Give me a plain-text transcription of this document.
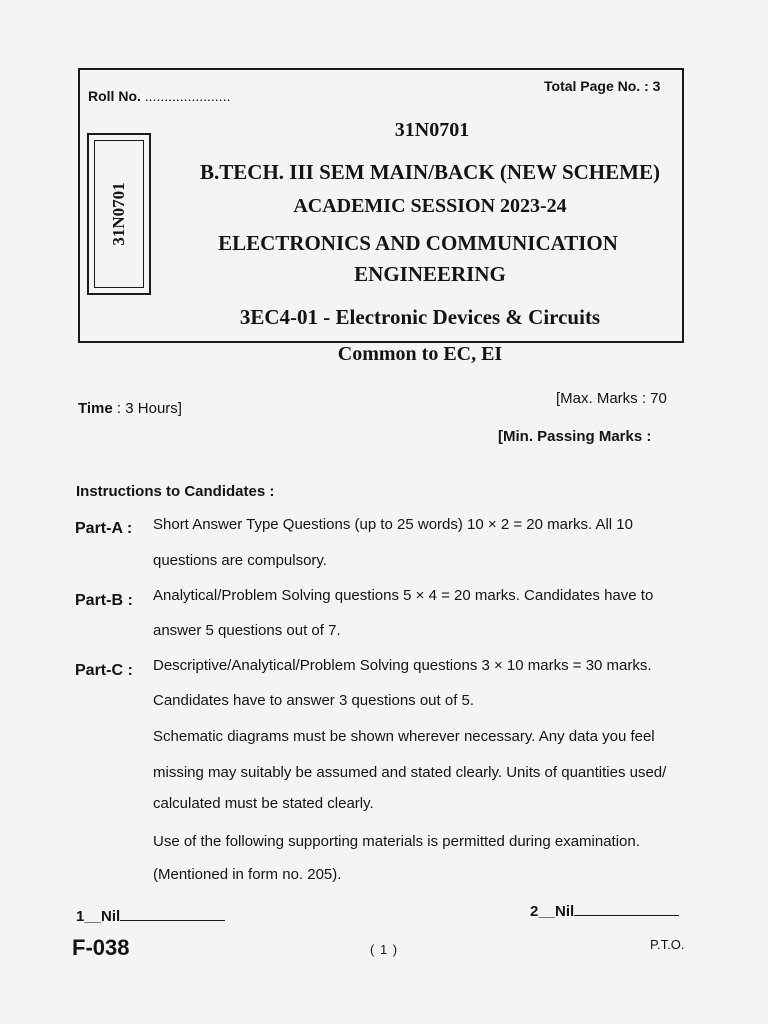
Roll No. ......................
Total Page No. : 3
31N0701
31N0701
B.TECH. III SEM MAIN/BACK (NEW SCHEME)
ACADEMIC SESSION 2023-24
ELECTRONICS AND COMMUNICATION
ENGINEERING
3EC4-01 - Electronic Devices & Circuits
Common to EC, EI
Time : 3 Hours]
[Max. Marks : 70
[Min. Passing Marks :
Instructions to Candidates :
Part-A : Short Answer Type Questions (up to 25 words) 10 × 2 = 20 marks. All 10
questions are compulsory.
Part-B : Analytical/Problem Solving questions 5 × 4 = 20 marks. Candidates have to
answer 5 questions out of 7.
Part-C : Descriptive/Analytical/Problem Solving questions 3 × 10 marks = 30 marks.
Candidates have to answer 3 questions out of 5.
Schematic diagrams must be shown wherever necessary. Any data you feel
missing may suitably be assumed and stated clearly. Units of quantities used/
calculated must be stated clearly.
Use of the following supporting materials is permitted during examination.
(Mentioned in form no. 205).
1__Nil	2__Nil
F-038	( 1 )	P.T.O.
